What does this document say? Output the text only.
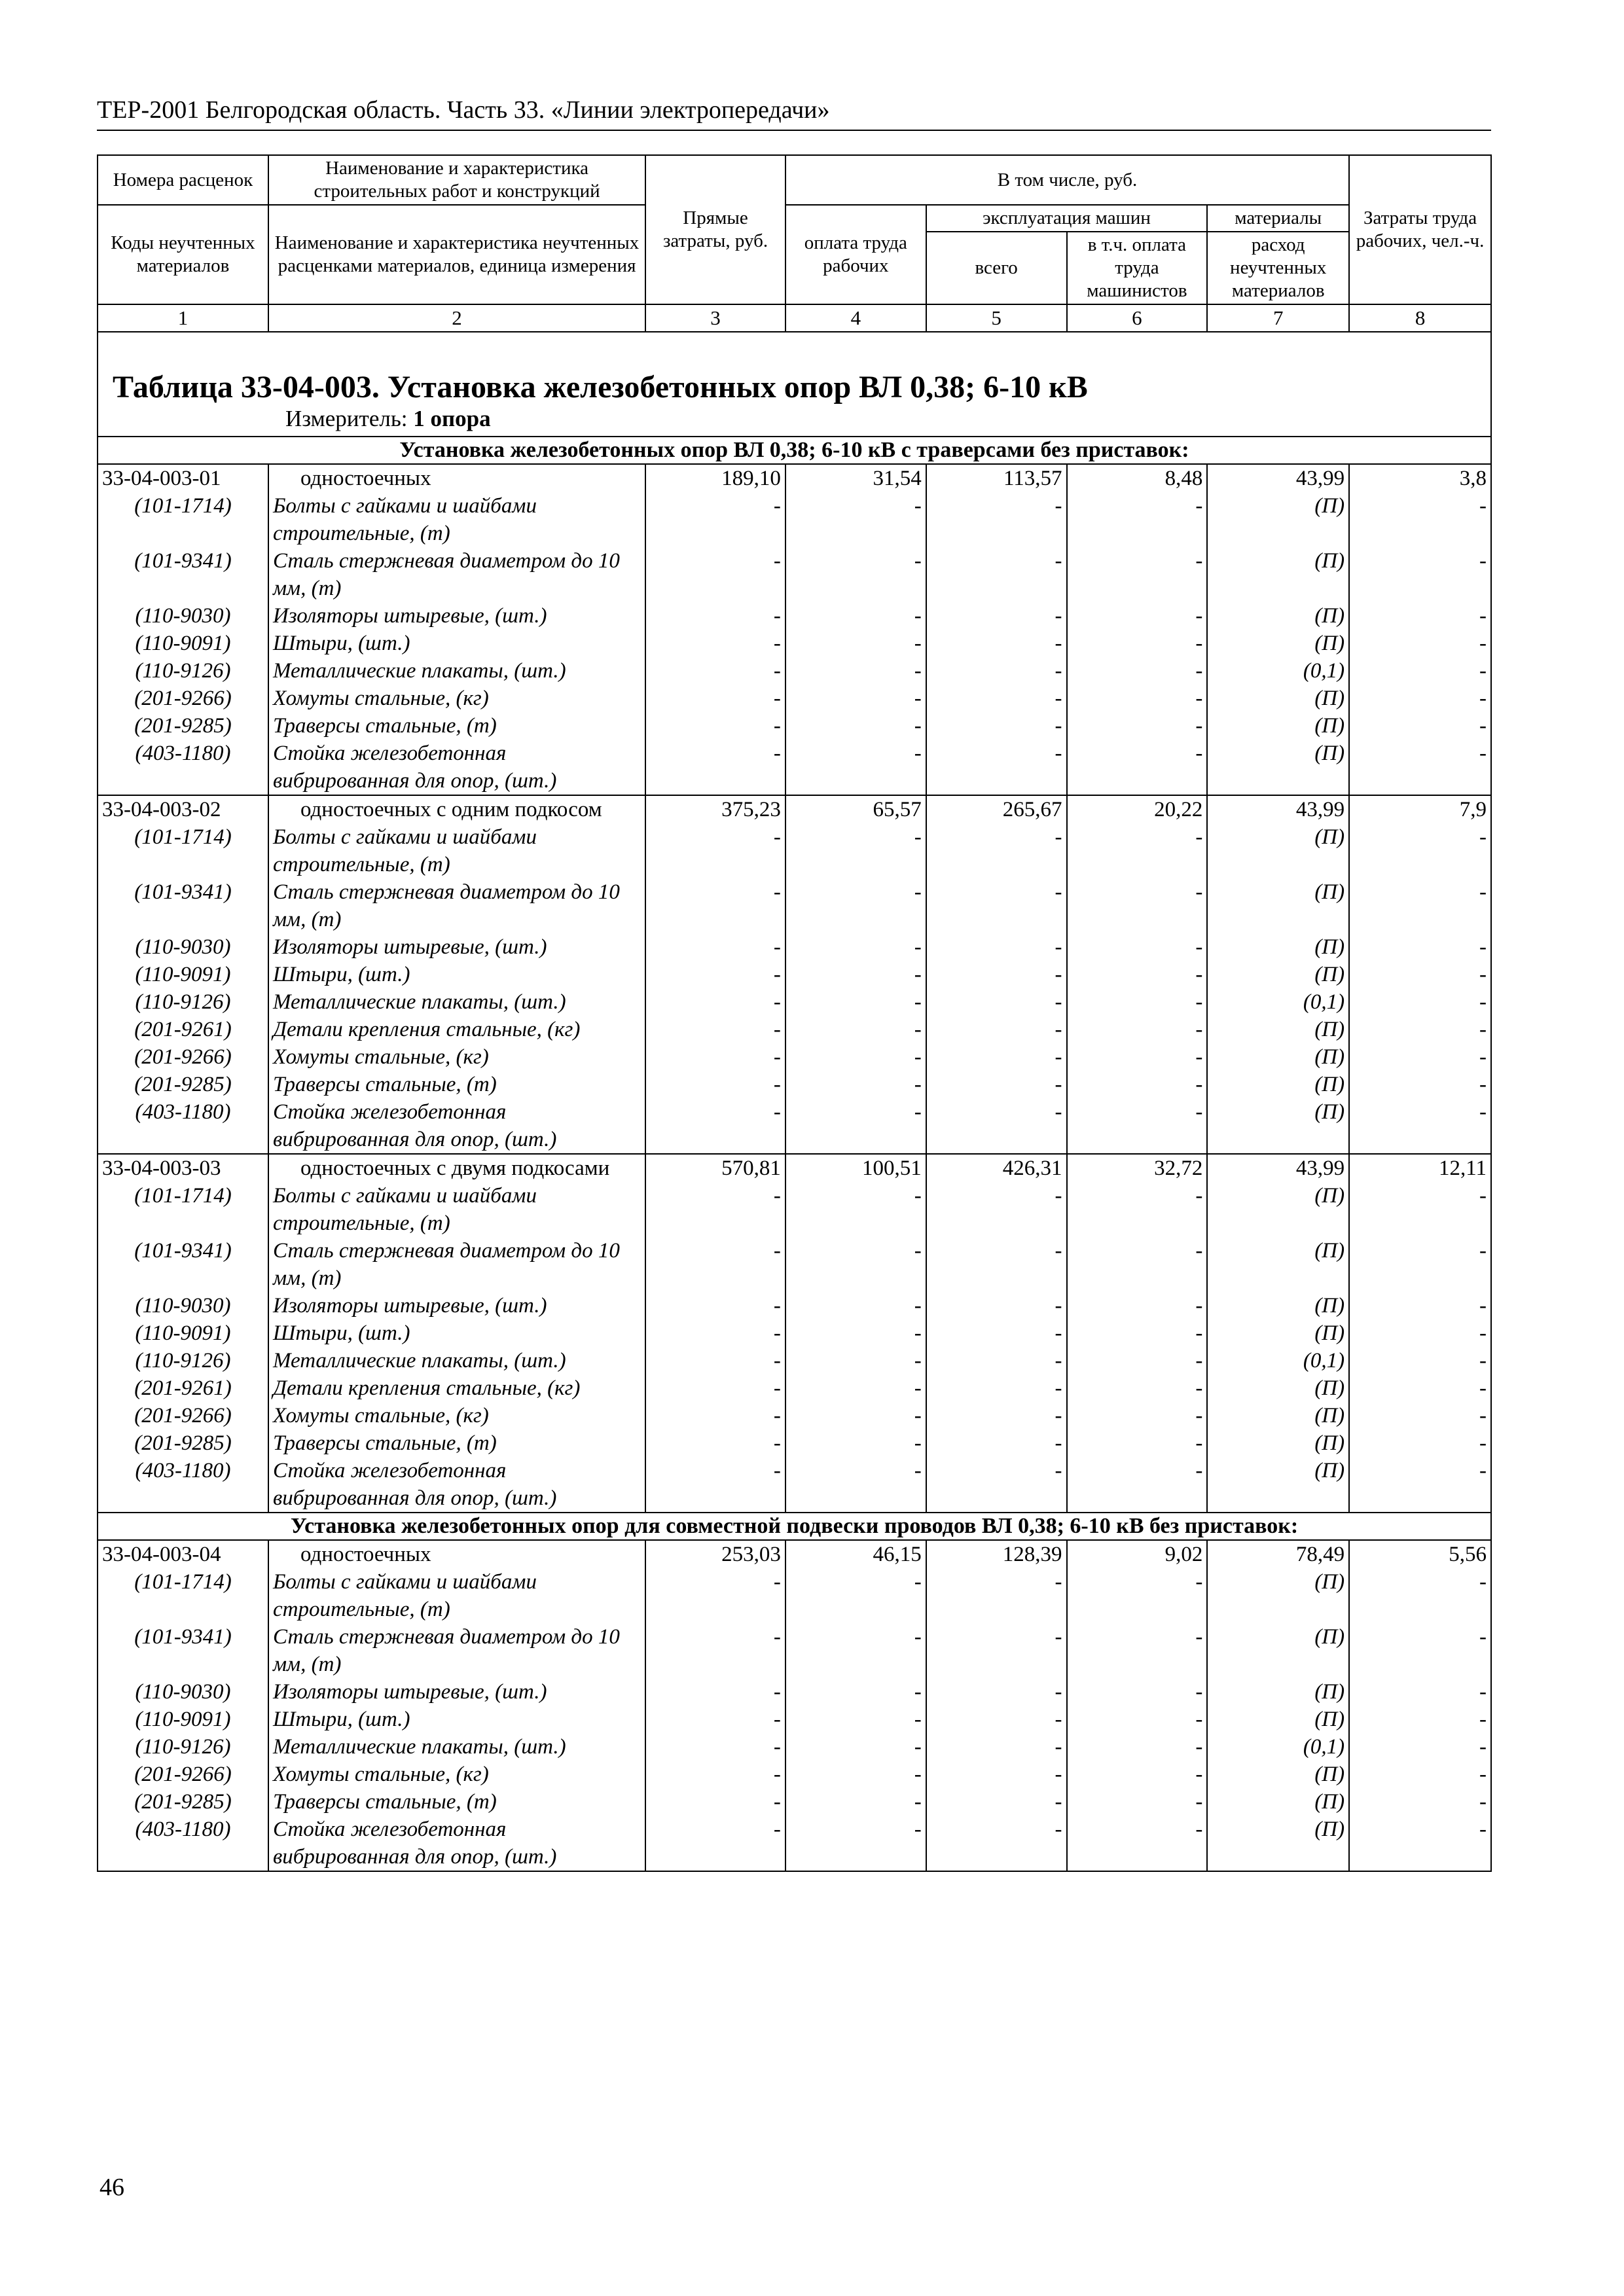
ТЕР-2001 Белгородская область. Часть 33. «Линии электропередачи»
Номера расценок	Наименование и характеристика строительных работ и конструкций	Прямые затраты, руб.	В том числе, руб.				Затраты труда рабочих, чел.-ч.
Коды неучтенных материалов	Наименование и характеристика неучтенных расценками материалов, единица измерения		оплата труда рабочих	эксплуатация машин		материалы	
				всего	в т.ч. оплата труда машинистов	расход неучтенных материалов	
1	2	3	4	5	6	7	8

Таблица 33-04-003. Установка железобетонных опор ВЛ 0,38; 6-10 кВ
Измеритель: 1 опора							

Установка железобетонных опор ВЛ 0,38; 6-10 кВ с траверсами без приставок:							
33-04-003-01	одностоечных	189,10	31,54	113,57	8,48	43,99	3,8
(101-1714)	Болты с гайками и шайбами строительные, (т)	-	-	-	-	(П)	-
(101-9341)	Сталь стержневая диаметром до 10 мм, (т)	-	-	-	-	(П)	-
(110-9030)	Изоляторы штыревые, (шт.)	-	-	-	-	(П)	-
(110-9091)	Штыри, (шт.)	-	-	-	-	(П)	-
(110-9126)	Металлические плакаты, (шт.)	-	-	-	-	(0,1)	-
(201-9266)	Хомуты стальные, (кг)	-	-	-	-	(П)	-
(201-9285)	Траверсы стальные, (т)	-	-	-	-	(П)	-
(403-1180)	Стойка железобетонная вибрированная для опор, (шт.)	-	-	-	-	(П)	-
33-04-003-02	одностоечных с одним подкосом	375,23	65,57	265,67	20,22	43,99	7,9
(101-1714)	Болты с гайками и шайбами строительные, (т)	-	-	-	-	(П)	-
(101-9341)	Сталь стержневая диаметром до 10 мм, (т)	-	-	-	-	(П)	-
(110-9030)	Изоляторы штыревые, (шт.)	-	-	-	-	(П)	-
(110-9091)	Штыри, (шт.)	-	-	-	-	(П)	-
(110-9126)	Металлические плакаты, (шт.)	-	-	-	-	(0,1)	-
(201-9261)	Детали крепления стальные, (кг)	-	-	-	-	(П)	-
(201-9266)	Хомуты стальные, (кг)	-	-	-	-	(П)	-
(201-9285)	Траверсы стальные, (т)	-	-	-	-	(П)	-
(403-1180)	Стойка железобетонная вибрированная для опор, (шт.)	-	-	-	-	(П)	-
33-04-003-03	одностоечных с двумя подкосами	570,81	100,51	426,31	32,72	43,99	12,11
(101-1714)	Болты с гайками и шайбами строительные, (т)	-	-	-	-	(П)	-
(101-9341)	Сталь стержневая диаметром до 10 мм, (т)	-	-	-	-	(П)	-
(110-9030)	Изоляторы штыревые, (шт.)	-	-	-	-	(П)	-
(110-9091)	Штыри, (шт.)	-	-	-	-	(П)	-
(110-9126)	Металлические плакаты, (шт.)	-	-	-	-	(0,1)	-
(201-9261)	Детали крепления стальные, (кг)	-	-	-	-	(П)	-
(201-9266)	Хомуты стальные, (кг)	-	-	-	-	(П)	-
(201-9285)	Траверсы стальные, (т)	-	-	-	-	(П)	-
(403-1180)	Стойка железобетонная вибрированная для опор, (шт.)	-	-	-	-	(П)	-
Установка железобетонных опор для совместной подвески проводов ВЛ 0,38; 6-10 кВ без приставок:							
33-04-003-04	одностоечных	253,03	46,15	128,39	9,02	78,49	5,56
(101-1714)	Болты с гайками и шайбами строительные, (т)	-	-	-	-	(П)	-
(101-9341)	Сталь стержневая диаметром до 10 мм, (т)	-	-	-	-	(П)	-
(110-9030)	Изоляторы штыревые, (шт.)	-	-	-	-	(П)	-
(110-9091)	Штыри, (шт.)	-	-	-	-	(П)	-
(110-9126)	Металлические плакаты, (шт.)	-	-	-	-	(0,1)	-
(201-9266)	Хомуты стальные, (кг)	-	-	-	-	(П)	-
(201-9285)	Траверсы стальные, (т)	-	-	-	-	(П)	-
(403-1180)	Стойка железобетонная вибрированная для опор, (шт.)	-	-	-	-	(П)	-
46
